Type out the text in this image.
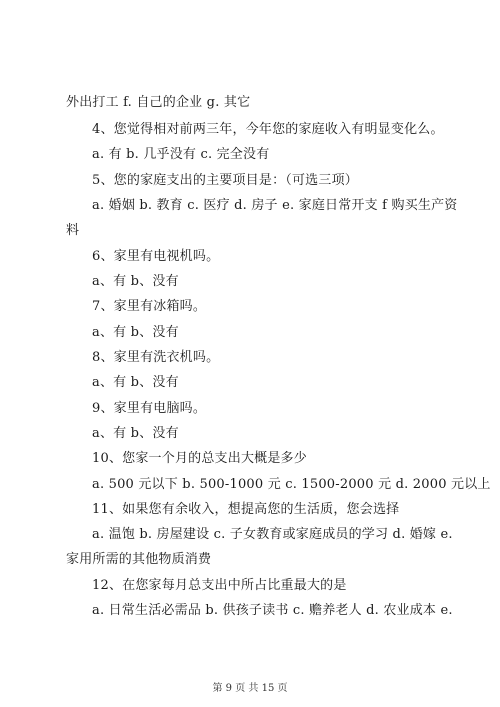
外出打工 f. 自己的企业 g. 其它
4、您觉得相对前两三年，今年您的家庭收入有明显变化么。
a. 有 b. 几乎没有 c. 完全没有
5、您的家庭支出的主要项目是：（可选三项）
a. 婚姻 b. 教育 c. 医疗 d. 房子 e. 家庭日常开支 f 购买生产资
料
6、家里有电视机吗。
a、有 b、没有
7、家里有冰箱吗。
a、有 b、没有
8、家里有洗衣机吗。
a、有 b、没有
9、家里有电脑吗。
a、有 b、没有
10、您家一个月的总支出大概是多少
a. 500 元以下 b. 500-1000 元 c. 1500-2000 元 d. 2000 元以上
11、如果您有余收入，想提高您的生活质，您会选择
a. 温饱 b. 房屋建设 c. 子女教育或家庭成员的学习 d. 婚嫁 e.
家用所需的其他物质消费
12、在您家每月总支出中所占比重最大的是
a. 日常生活必需品 b. 供孩子读书 c. 赡养老人 d. 农业成本 e.
第 9 页 共 15 页
